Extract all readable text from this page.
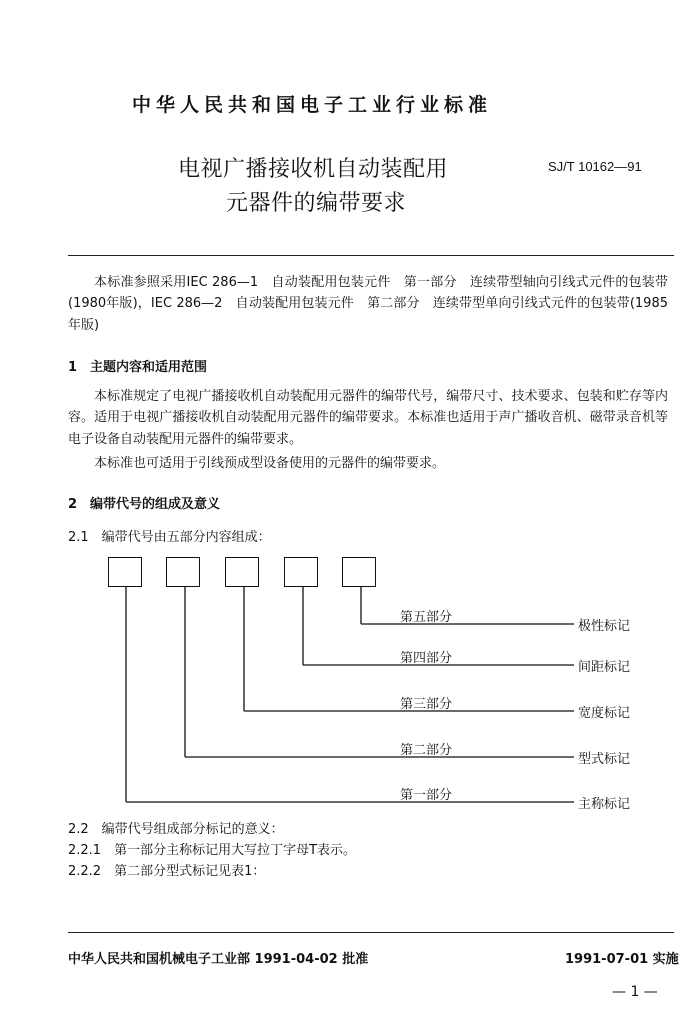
中华人民共和国电子工业行业标准
电视广播接收机自动装配用
元器件的编带要求
SJ/T 10162—91

本标准参照采用IEC 286—1　自动装配用包装元件　第一部分　连续带型轴向引线式元件的包装带(1980年版)，IEC 286—2　自动装配用包装元件　第二部分　连续带型单向引线式元件的包装带(1985年版)

1　主题内容和适用范围

本标准规定了电视广播接收机自动装配用元器件的编带代号，编带尺寸、技术要求、包装和贮存等内容。适用于电视广播接收机自动装配用元器件的编带要求。本标准也适用于声广播收音机、磁带录音机等电子设备自动装配用元器件的编带要求。

本标准也可适用于引线预成型设备使用的元器件的编带要求。

2　编带代号的组成及意义
2.1　编带代号由五部分内容组成：
第五部分
极性标记
第四部分
间距标记
第三部分
宽度标记
第二部分
型式标记
第一部分
主称标记
2.2　编带代号组成部分标记的意义：
2.2.1　第一部分主称标记用大写拉丁字母T表示。
2.2.2　第二部分型式标记见表1：
中华人民共和国机械电子工业部 1991-04-02 批准	1991-07-01 实施
— 1 —
